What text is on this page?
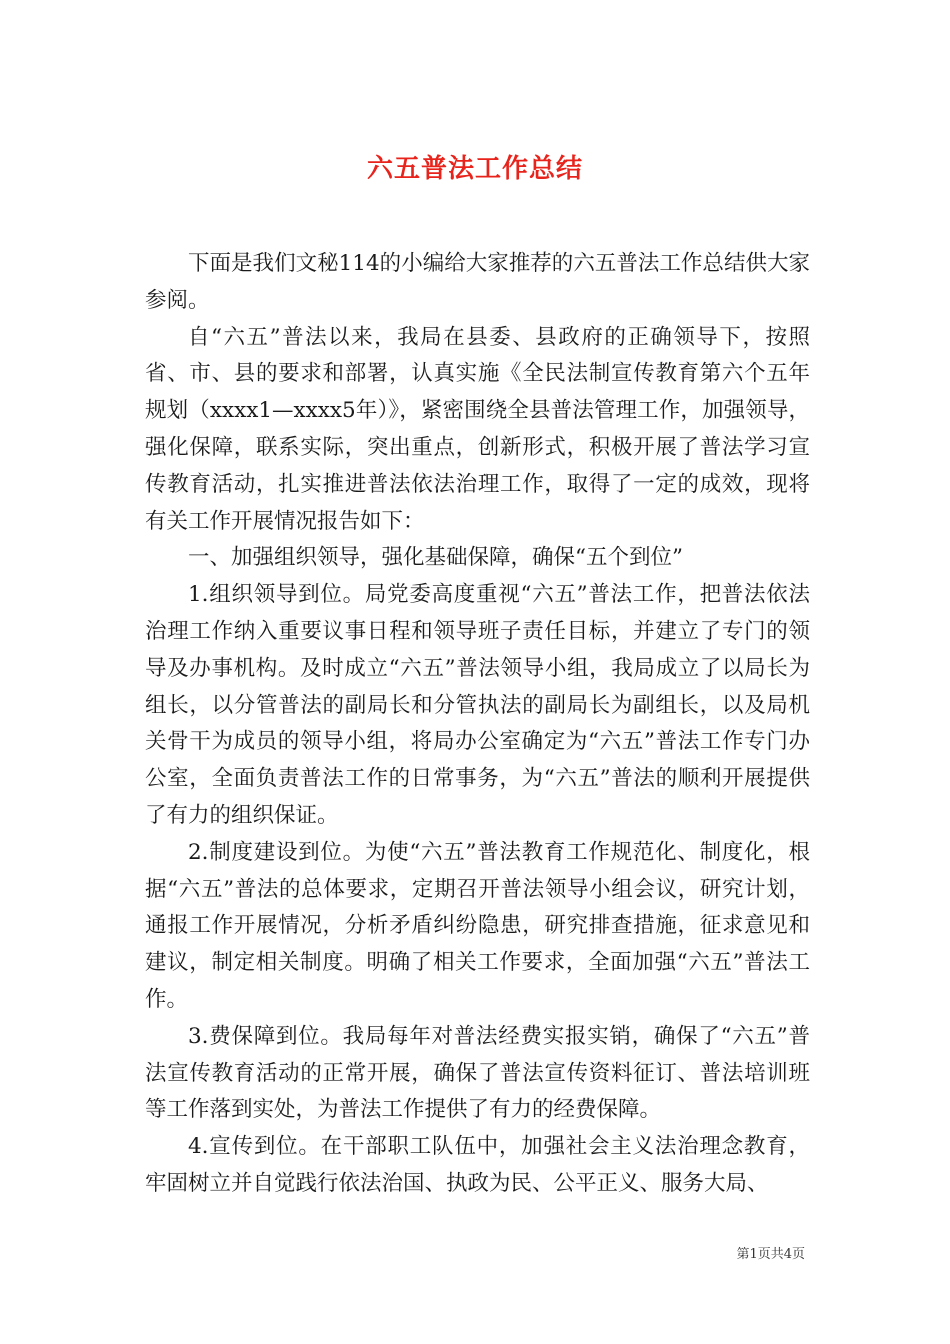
六五普法工作总结

下面是我们文秘114的小编给大家推荐的六五普法工作总结供大家参阅。

自“六五”普法以来，我局在县委、县政府的正确领导下，按照省、市、县的要求和部署，认真实施《全民法制宣传教育第六个五年规划（xxxx1—xxxx5年）》，紧密围绕全县普法管理工作，加强领导，强化保障，联系实际，突出重点，创新形式，积极开展了普法学习宣传教育活动，扎实推进普法依法治理工作，取得了一定的成效，现将有关工作开展情况报告如下：

一、加强组织领导，强化基础保障，确保“五个到位”

1.组织领导到位。局党委高度重视“六五”普法工作，把普法依法治理工作纳入重要议事日程和领导班子责任目标，并建立了专门的领导及办事机构。及时成立“六五”普法领导小组，我局成立了以局长为组长，以分管普法的副局长和分管执法的副局长为副组长，以及局机关骨干为成员的领导小组，将局办公室确定为“六五”普法工作专门办公室，全面负责普法工作的日常事务，为“六五”普法的顺利开展提供了有力的组织保证。

2.制度建设到位。为使“六五”普法教育工作规范化、制度化，根据“六五”普法的总体要求，定期召开普法领导小组会议，研究计划，通报工作开展情况，分析矛盾纠纷隐患，研究排查措施，征求意见和建议，制定相关制度。明确了相关工作要求，全面加强“六五”普法工作。

3.费保障到位。我局每年对普法经费实报实销，确保了“六五”普法宣传教育活动的正常开展，确保了普法宣传资料征订、普法培训班等工作落到实处，为普法工作提供了有力的经费保障。

4.宣传到位。在干部职工队伍中，加强社会主义法治理念教育，牢固树立并自觉践行依法治国、执政为民、公平正义、服务大局、

第1页共4页
